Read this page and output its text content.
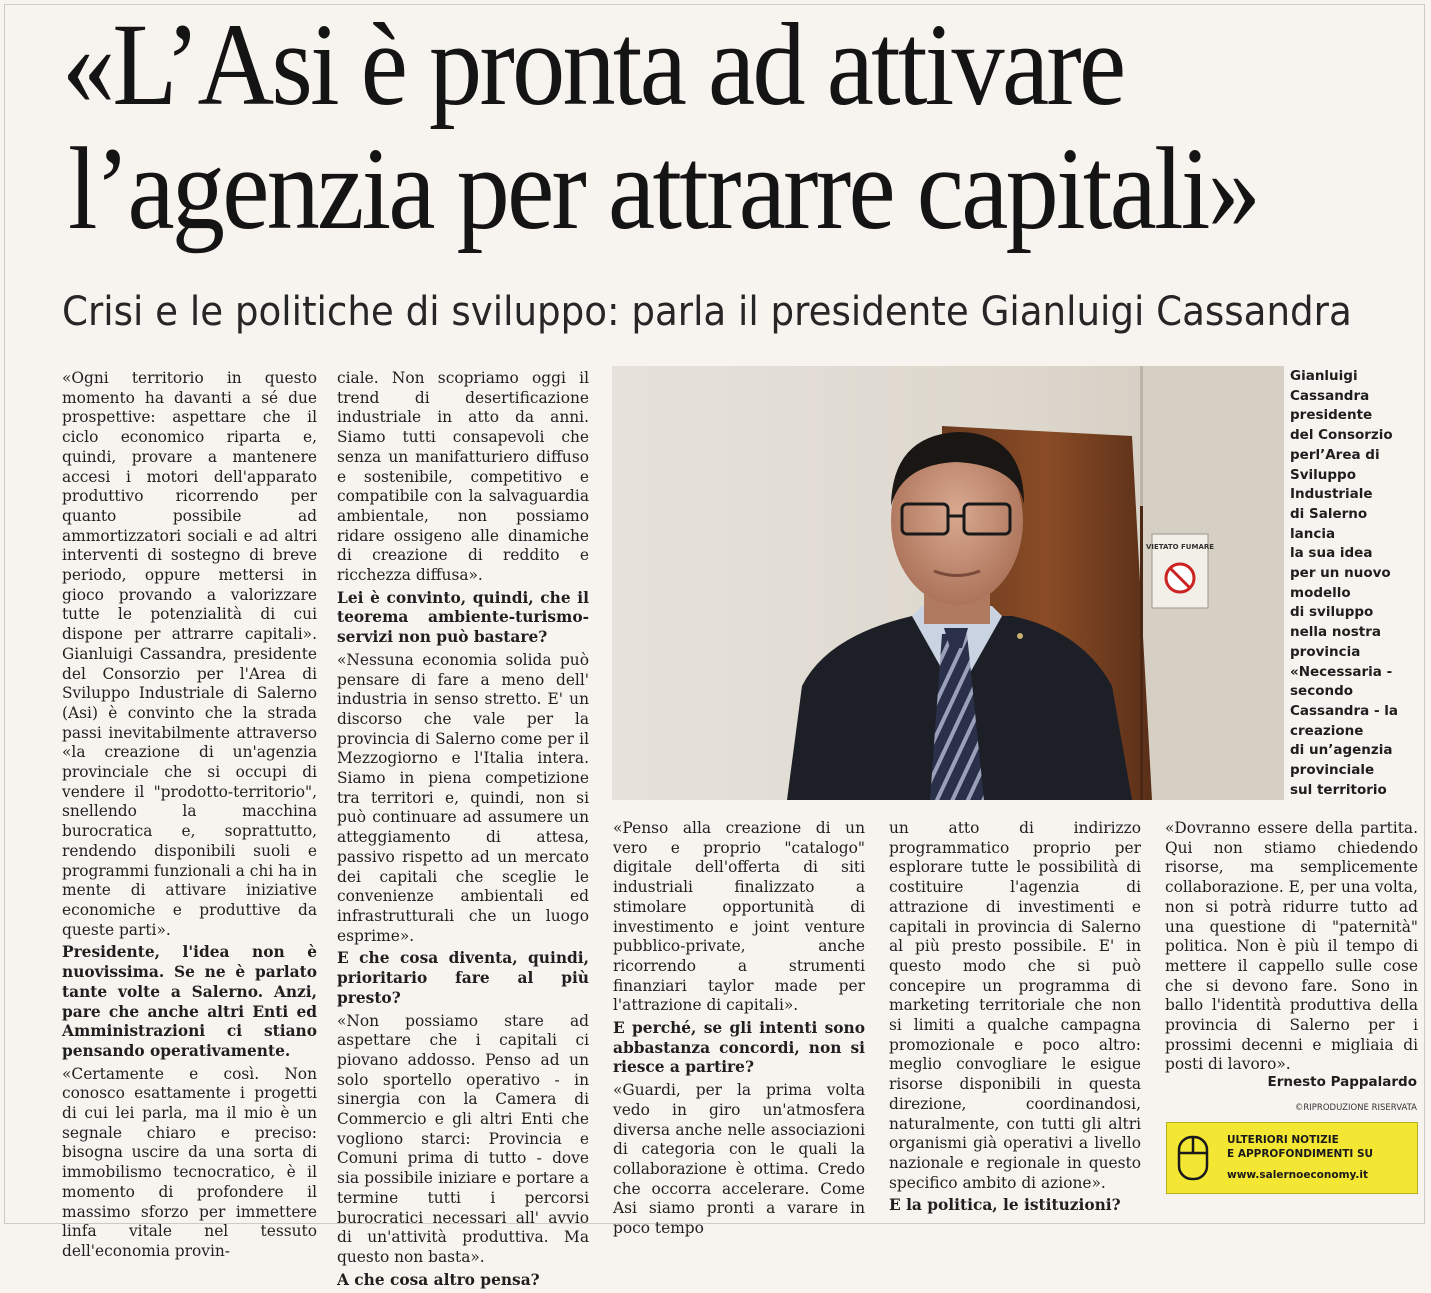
«L’Asi è pronta ad attivare
l’agenzia per attrarre capitali»
Crisi e le politiche di sviluppo: parla il presidente Gianluigi Cassandra

«Ogni territorio in questo momento ha davanti a sé due prospettive: aspettare che il ciclo economico riparta e, quindi, provare a mantenere accesi i motori dell'apparato produttivo ricorrendo per quanto possibile ad ammortizzatori sociali e ad altri interventi di sostegno di breve periodo, oppure mettersi in gioco provando a valorizzare tutte le potenzialità di cui dispone per attrarre capitali». Gianluigi Cassandra, presidente del Consorzio per l'Area di Sviluppo Industriale di Salerno (Asi) è convinto che la strada passi inevitabilmente attraverso «la creazione di un'agenzia provinciale che si occupi di vendere il "prodotto-territorio", snellendo la macchina burocratica e, soprattutto, rendendo disponibili suoli e programmi funzionali a chi ha in mente di attivare iniziative economiche e produttive da queste parti».

Presidente, l'idea non è nuovissima. Se ne è parlato tante volte a Salerno. Anzi, pare che anche altri Enti ed Amministrazioni ci stiano pensando operativamente.

«Certamente e così. Non conosco esattamente i progetti di cui lei parla, ma il mio è un segnale chiaro e preciso: bisogna uscire da una sorta di immobilismo tecnocratico, è il momento di profondere il massimo sforzo per immettere linfa vitale nel tessuto dell'economia provin-

ciale. Non scopriamo oggi il trend di desertificazione industriale in atto da anni. Siamo tutti consapevoli che senza un manifatturiero diffuso e sostenibile, competitivo e compatibile con la salvaguardia ambientale, non possiamo ridare ossigeno alle dinamiche di creazione di reddito e ricchezza diffusa».

Lei è convinto, quindi, che il teorema ambiente-turismo-servizi non può bastare?

«Nessuna economia solida può pensare di fare a meno dell' industria in senso stretto. E' un discorso che vale per la provincia di Salerno come per il Mezzogiorno e l'Italia intera. Siamo in piena competizione tra territori e, quindi, non si può continuare ad assumere un atteggiamento di attesa, passivo rispetto ad un mercato dei capitali che sceglie le convenienze ambientali ed infrastrutturali che un luogo esprime».

E che cosa diventa, quindi, prioritario fare al più presto?

«Non possiamo stare ad aspettare che i capitali ci piovano addosso. Penso ad un solo sportello operativo - in sinergia con la Camera di Commercio e gli altri Enti che vogliono starci: Provincia e Comuni prima di tutto - dove sia possibile iniziare e portare a termine tutti i percorsi burocratici necessari all' avvio di un'attività produttiva. Ma questo non basta».

A che cosa altro pensa?

VIETATO FUMARE
Gianluigi
Cassandra
presidente
del Consorzio
perl’Area di
Sviluppo
Industriale
di Salerno
lancia
la sua idea
per un nuovo
modello
di sviluppo
nella nostra
provincia
«Necessaria -
secondo
Cassandra - la
creazione
di un’agenzia
provinciale
sul territorio

«Penso alla creazione di un vero e proprio "catalogo" digitale dell'offerta di siti industriali finalizzato a stimolare opportunità di investimento e joint venture pubblico-private, anche ricorrendo a strumenti finanziari taylor made per l'attrazione di capitali».

E perché, se gli intenti sono abbastanza concordi, non si riesce a partire?

«Guardi, per la prima volta vedo in giro un'atmosfera diversa anche nelle associazioni di categoria con le quali la collaborazione è ottima. Credo che occorra accelerare. Come Asi siamo pronti a varare in poco tempo

un atto di indirizzo programmatico proprio per esplorare tutte le possibilità di costituire l'agenzia di attrazione di investimenti e capitali in provincia di Salerno al più presto possibile. E' in questo modo che si può concepire un programma di marketing territoriale che non si limiti a qualche campagna promozionale e poco altro: meglio convogliare le esigue risorse disponibili in questa direzione, coordinandosi, naturalmente, con tutti gli altri organismi già operativi a livello nazionale e regionale in questo specifico ambito di azione».

E la politica, le istituzioni?

«Dovranno essere della partita. Qui non stiamo chiedendo risorse, ma semplicemente collaborazione. E, per una volta, non si potrà ridurre tutto ad una questione di "paternità" politica. Non è più il tempo di mettere il cappello sulle cose che si devono fare. Sono in ballo l'identità produttiva della provincia di Salerno per i prossimi decenni e migliaia di posti di lavoro».

Ernesto Pappalardo
©RIPRODUZIONE RISERVATA
ULTERIORI NOTIZIE
E APPROFONDIMENTI SU
www.salernoeconomy.it
